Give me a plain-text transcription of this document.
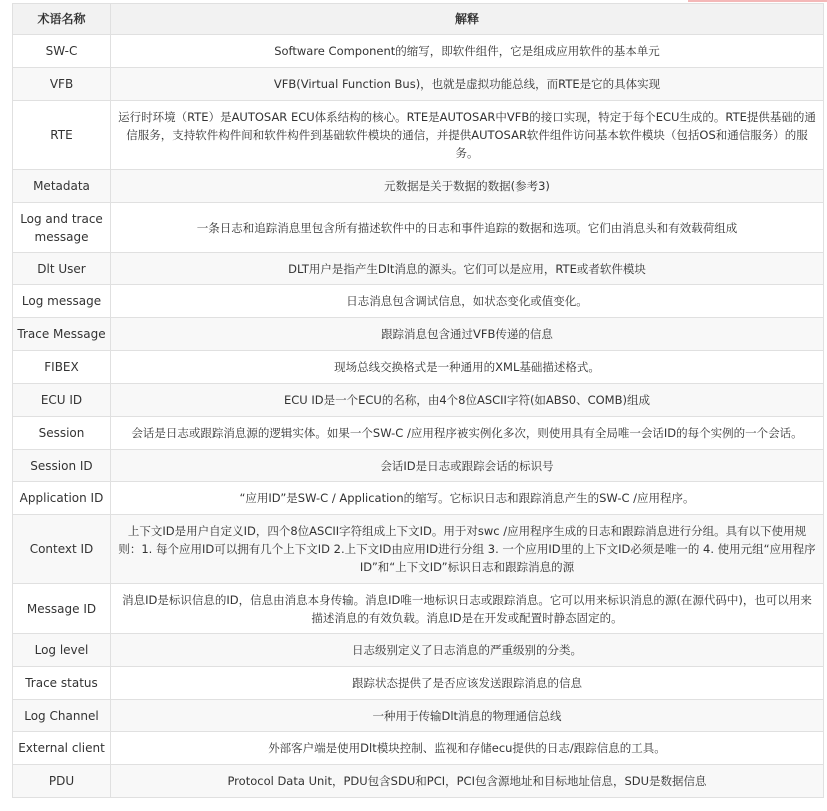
术语名称	解释
SW-C	Software Component的缩写，即软件组件，它是组成应用软件的基本单元
VFB	VFB(Virtual Function Bus)，也就是虚拟功能总线，而RTE是它的具体实现
RTE	运行时环境（RTE）是AUTOSAR ECU体系结构的核心。RTE是AUTOSAR中VFB的接口实现，特定于每个ECU生成的。RTE提供基础的通信服务，支持软件构件间和软件构件到基础软件模块的通信，并提供AUTOSAR软件组件访问基本软件模块（包括OS和通信服务）的服务。
Metadata	元数据是关于数据的数据(参考3)
Log and trace message	一条日志和追踪消息里包含所有描述软件中的日志和事件追踪的数据和选项。它们由消息头和有效载荷组成
Dlt User	DLT用户是指产生Dlt消息的源头。它们可以是应用，RTE或者软件模块
Log message	日志消息包含调试信息，如状态变化或值变化。
Trace Message	跟踪消息包含通过VFB传递的信息
FIBEX	现场总线交换格式是一种通用的XML基础描述格式。
ECU ID	ECU ID是一个ECU的名称，由4个8位ASCII字符(如ABS0、COMB)组成
Session	会话是日志或跟踪消息源的逻辑实体。如果一个SW-C /应用程序被实例化多次，则使用具有全局唯一会话ID的每个实例的一个会话。
Session ID	会话ID是日志或跟踪会话的标识号
Application ID	“应用ID”是SW-C / Application的缩写。它标识日志和跟踪消息产生的SW-C /应用程序。
Context ID	上下文ID是用户自定义ID，四个8位ASCII字符组成上下文ID。用于对swc /应用程序生成的日志和跟踪消息进行分组。具有以下使用规则：1. 每个应用ID可以拥有几个上下文ID 2.上下文ID由应用ID进行分组 3. 一个应用ID里的上下文ID必须是唯一的 4. 使用元组“应用程序ID”和“上下文ID”标识日志和跟踪消息的源
Message ID	消息ID是标识信息的ID，信息由消息本身传输。消息ID唯一地标识日志或跟踪消息。它可以用来标识消息的源(在源代码中)，也可以用来描述消息的有效负载。消息ID是在开发或配置时静态固定的。
Log level	日志级别定义了日志消息的严重级别的分类。
Trace status	跟踪状态提供了是否应该发送跟踪消息的信息
Log Channel	一种用于传输Dlt消息的物理通信总线
External client	外部客户端是使用Dlt模块控制、监视和存储ecu提供的日志/跟踪信息的工具。
PDU	Protocol Data Unit，PDU包含SDU和PCI，PCI包含源地址和目标地址信息，SDU是数据信息
